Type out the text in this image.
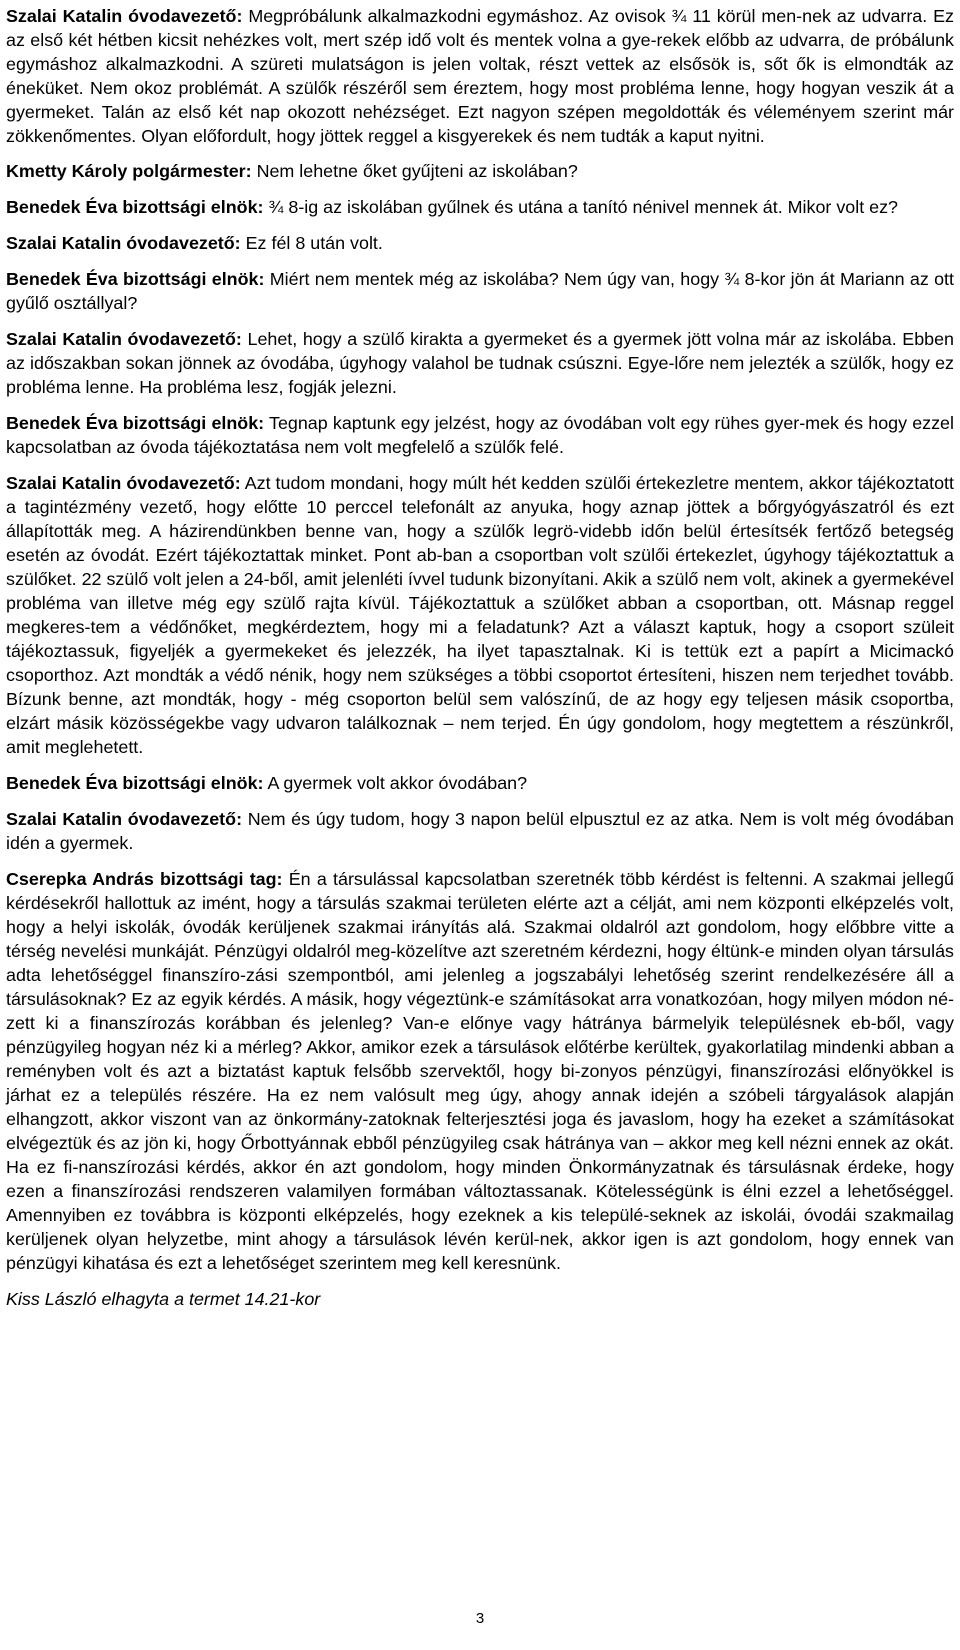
Szalai Katalin óvodavezető: Megpróbálunk alkalmazkodni egymáshoz. Az ovisok ¾ 11 körül men-nek az udvarra. Ez az első két hétben kicsit nehézkes volt, mert szép idő volt és mentek volna a gye-rekek előbb az udvarra, de próbálunk egymáshoz alkalmazkodni. A szüreti mulatságon is jelen voltak, részt vettek az elsősök is, sőt ők is elmondták az éneküket. Nem okoz problémát. A szülők részéről sem éreztem, hogy most probléma lenne, hogy hogyan veszik át a gyermeket. Talán az első két nap okozott nehézséget. Ezt nagyon szépen megoldották és véleményem szerint már zökkenőmentes. Olyan előfordult, hogy jöttek reggel a kisgyerekek és nem tudták a kaput nyitni.

Kmetty Károly polgármester: Nem lehetne őket gyűjteni az iskolában?

Benedek Éva bizottsági elnök: ¾ 8-ig az iskolában gyűlnek és utána a tanító nénivel mennek át. Mikor volt ez?

Szalai Katalin óvodavezető: Ez fél 8 után volt.

Benedek Éva bizottsági elnök: Miért nem mentek még az iskolába? Nem úgy van, hogy ¾ 8-kor jön át Mariann az ott gyűlő osztállyal?

Szalai Katalin óvodavezető: Lehet, hogy a szülő kirakta a gyermeket és a gyermek jött volna már az iskolába. Ebben az időszakban sokan jönnek az óvodába, úgyhogy valahol be tudnak csúszni. Egye-lőre nem jelezték a szülők, hogy ez probléma lenne. Ha probléma lesz, fogják jelezni.

Benedek Éva bizottsági elnök: Tegnap kaptunk egy jelzést, hogy az óvodában volt egy rühes gyer-mek és hogy ezzel kapcsolatban az óvoda tájékoztatása nem volt megfelelő a szülők felé.

Szalai Katalin óvodavezető: Azt tudom mondani, hogy múlt hét kedden szülői értekezletre mentem, akkor tájékoztatott a tagintézmény vezető, hogy előtte 10 perccel telefonált az anyuka, hogy aznap jöttek a bőrgyógyászatról és ezt állapították meg. A házirendünkben benne van, hogy a szülők legrö-videbb időn belül értesítsék fertőző betegség esetén az óvodát. Ezért tájékoztattak minket. Pont ab-ban a csoportban volt szülői értekezlet, úgyhogy tájékoztattuk a szülőket. 22 szülő volt jelen a 24-ből, amit jelenléti ívvel tudunk bizonyítani. Akik a szülő nem volt, akinek a gyermekével probléma van illetve még egy szülő rajta kívül. Tájékoztattuk a szülőket abban a csoportban, ott. Másnap reggel megkeres-tem a védőnőket, megkérdeztem, hogy mi a feladatunk? Azt a választ kaptuk, hogy a csoport szüleit tájékoztassuk, figyeljék a gyermekeket és jelezzék, ha ilyet tapasztalnak. Ki is tettük ezt a papírt a Micimackó csoporthoz. Azt mondták a védő nénik, hogy nem szükséges a többi csoportot értesíteni, hiszen nem terjedhet tovább. Bízunk benne, azt mondták, hogy - még csoporton belül sem valószínű, de az hogy egy teljesen másik csoportba, elzárt másik közösségekbe vagy udvaron találkoznak – nem terjed. Én úgy gondolom, hogy megtettem a részünkről, amit meglehetett.

Benedek Éva bizottsági elnök: A gyermek volt akkor óvodában?

Szalai Katalin óvodavezető: Nem és úgy tudom, hogy 3 napon belül elpusztul ez az atka. Nem is volt még óvodában idén a gyermek.

Cserepka András bizottsági tag: Én a társulással kapcsolatban szeretnék több kérdést is feltenni. A szakmai jellegű kérdésekről hallottuk az imént, hogy a társulás szakmai területen elérte azt a célját, ami nem központi elképzelés volt, hogy a helyi iskolák, óvodák kerüljenek szakmai irányítás alá. Szakmai oldalról azt gondolom, hogy előbbre vitte a térség nevelési munkáját. Pénzügyi oldalról meg-közelítve azt szeretném kérdezni, hogy éltünk-e minden olyan társulás adta lehetőséggel finanszíro-zási szempontból, ami jelenleg a jogszabályi lehetőség szerint rendelkezésére áll a társulásoknak? Ez az egyik kérdés. A másik, hogy végeztünk-e számításokat arra vonatkozóan, hogy milyen módon né-zett ki a finanszírozás korábban és jelenleg? Van-e előnye vagy hátránya bármelyik településnek eb-ből, vagy pénzügyileg hogyan néz ki a mérleg? Akkor, amikor ezek a társulások előtérbe kerültek, gyakorlatilag mindenki abban a reményben volt és azt a biztatást kaptuk felsőbb szervektől, hogy bi-zonyos pénzügyi, finanszírozási előnyökkel is járhat ez a település részére. Ha ez nem valósult meg úgy, ahogy annak idején a szóbeli tárgyalások alapján elhangzott, akkor viszont van az önkormány-zatoknak felterjesztési joga és javaslom, hogy ha ezeket a számításokat elvégeztük és az jön ki, hogy Őrbottyánnak ebből pénzügyileg csak hátránya van – akkor meg kell nézni ennek az okát. Ha ez fi-nanszírozási kérdés, akkor én azt gondolom, hogy minden Önkormányzatnak és társulásnak érdeke, hogy ezen a finanszírozási rendszeren valamilyen formában változtassanak. Kötelességünk is élni ezzel a lehetőséggel. Amennyiben ez továbbra is központi elképzelés, hogy ezeknek a kis települé-seknek az iskolái, óvodái szakmailag kerüljenek olyan helyzetbe, mint ahogy a társulások lévén kerül-nek, akkor igen is azt gondolom, hogy ennek van pénzügyi kihatása és ezt a lehetőséget szerintem meg kell keresnünk.

Kiss László elhagyta a termet 14.21-kor

3
